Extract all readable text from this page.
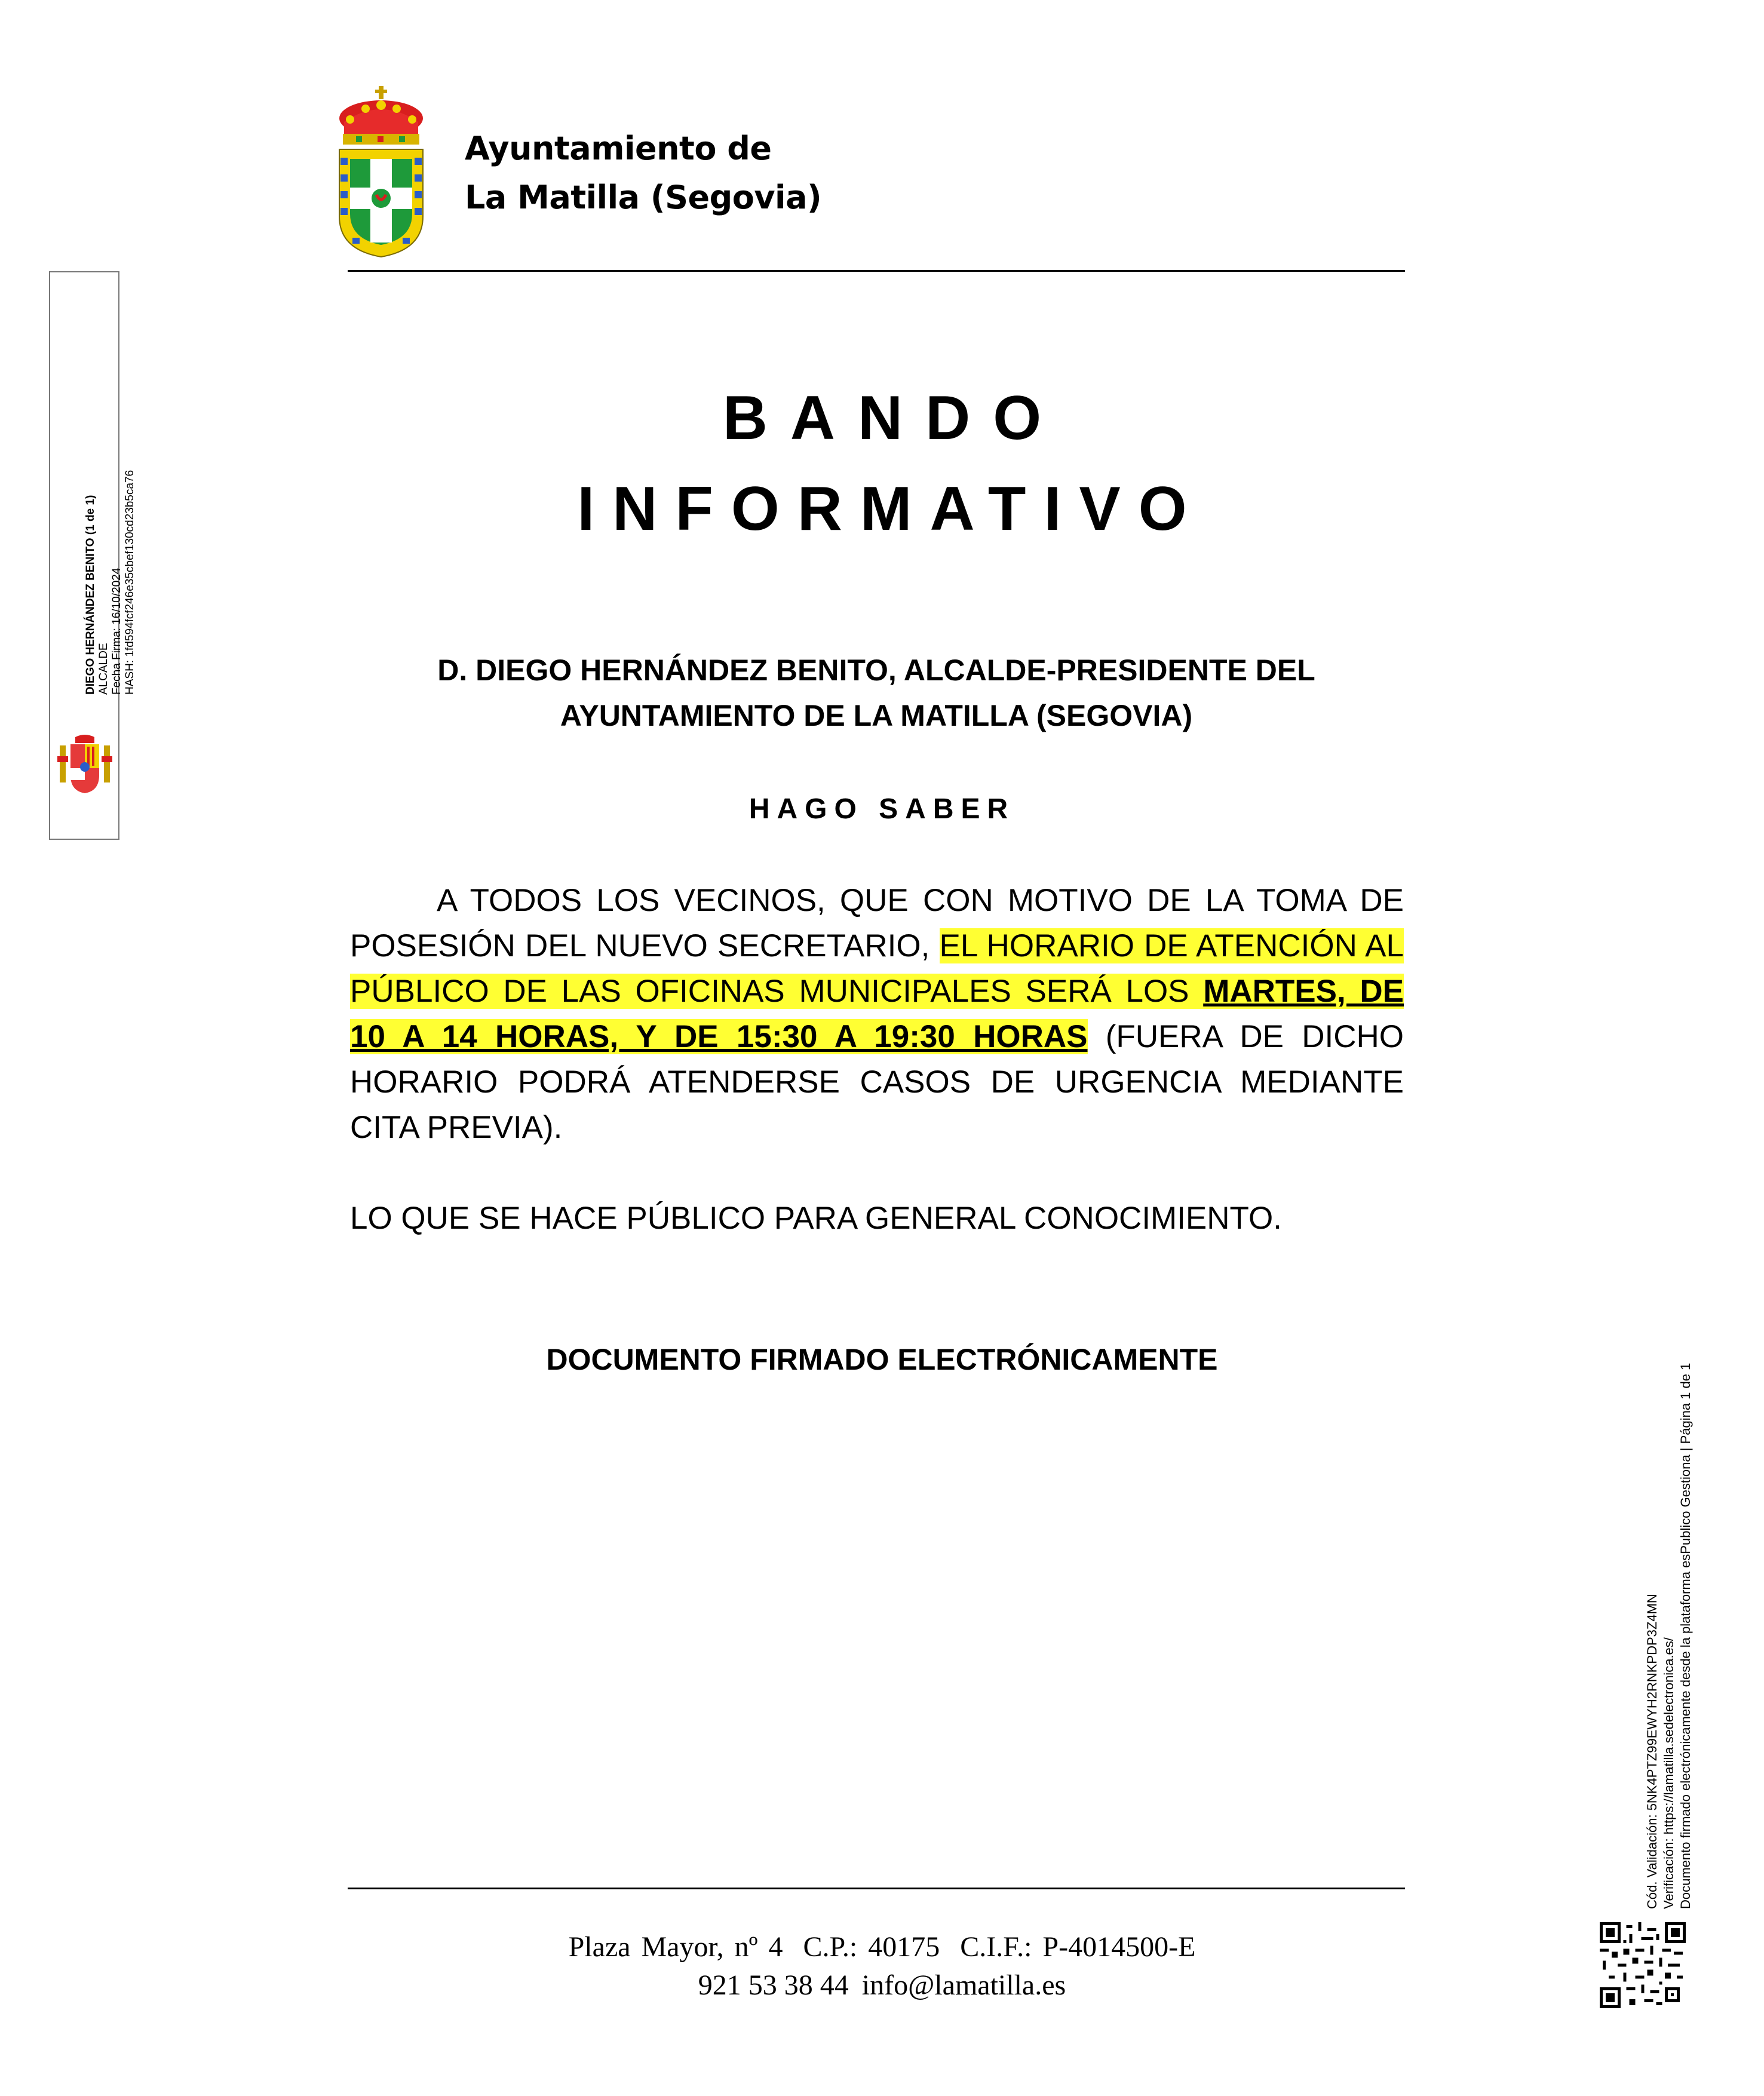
Ayuntamiento de
La Matilla (Segovia)
DIEGO HERNÁNDEZ BENITO (1 de 1) ALCALDE Fecha Firma: 16/10/2024 HASH: 1fd594fcf246e35cbef130cd23b5ca76
BANDO
INFORMATIVO
D. DIEGO HERNÁNDEZ BENITO, ALCALDE-PRESIDENTE DEL
AYUNTAMIENTO DE LA MATILLA (SEGOVIA)
HAGO SABER
A TODOS LOS VECINOS, QUE CON MOTIVO DE LA TOMA DE POSESIÓN DEL NUEVO SECRETARIO, EL HORARIO DE ATENCIÓN AL PÚBLICO DE LAS OFICINAS MUNICIPALES SERÁ LOS MARTES, DE 10 A 14 HORAS, Y DE 15:30 A 19:30 HORAS (FUERA DE DICHO HORARIO PODRÁ ATENDERSE CASOS DE URGENCIA MEDIANTE CITA PREVIA).
LO QUE SE HACE PÚBLICO PARA GENERAL CONOCIMIENTO.
DOCUMENTO FIRMADO ELECTRÓNICAMENTE
Cód. Validación: 5NK4PTZ99EWYH2RNKPDP3Z4MN Verificación: https://lamatilla.sedelectronica.es/ Documento firmado electrónicamente desde la plataforma esPublico Gestiona | Página 1 de 1
Plaza Mayor, nº 4 C.P.: 40175 C.I.F.: P-4014500-E
921 53 38 44 info@lamatilla.es
